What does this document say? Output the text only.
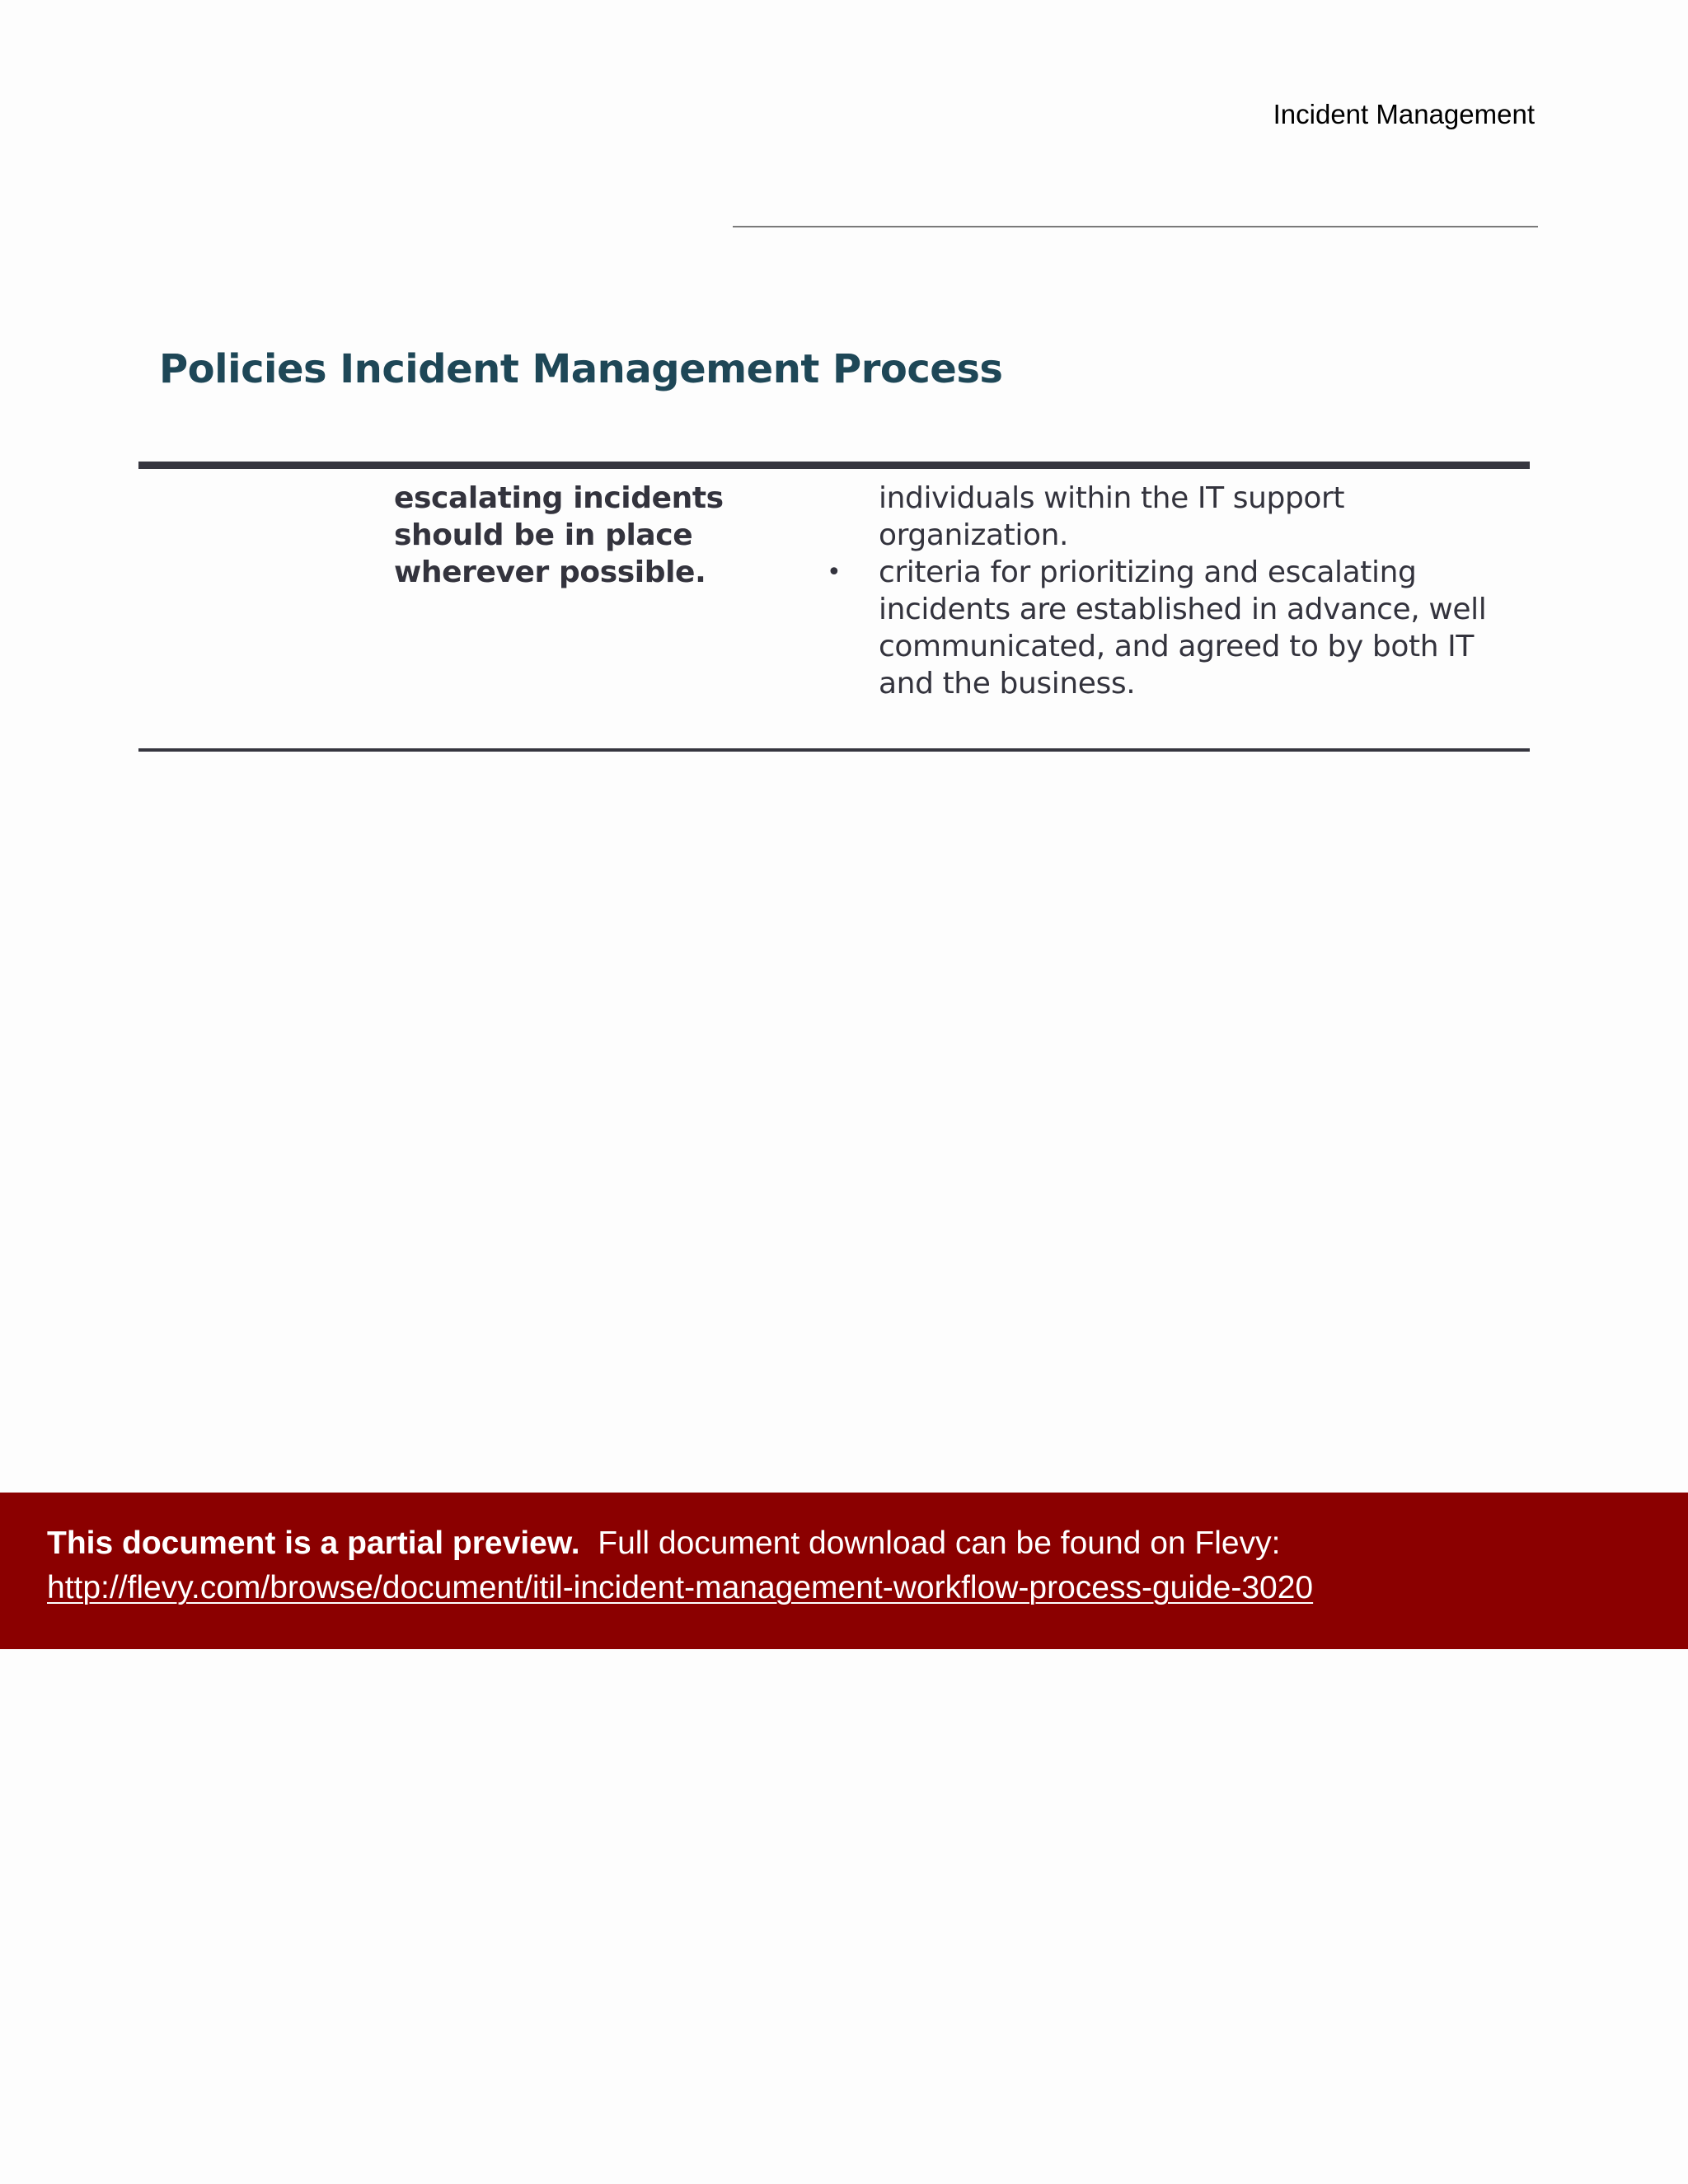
Incident Management
Policies Incident Management Process
escalating incidents
should be in place
wherever possible.
individuals within the IT support
organization.
• criteria for prioritizing and escalating
incidents are established in advance, well
communicated, and agreed to by both IT
and the business.
This document is a partial preview. Full document download can be found on Flevy:
http://flevy.com/browse/document/itil-incident-management-workflow-process-guide-3020
